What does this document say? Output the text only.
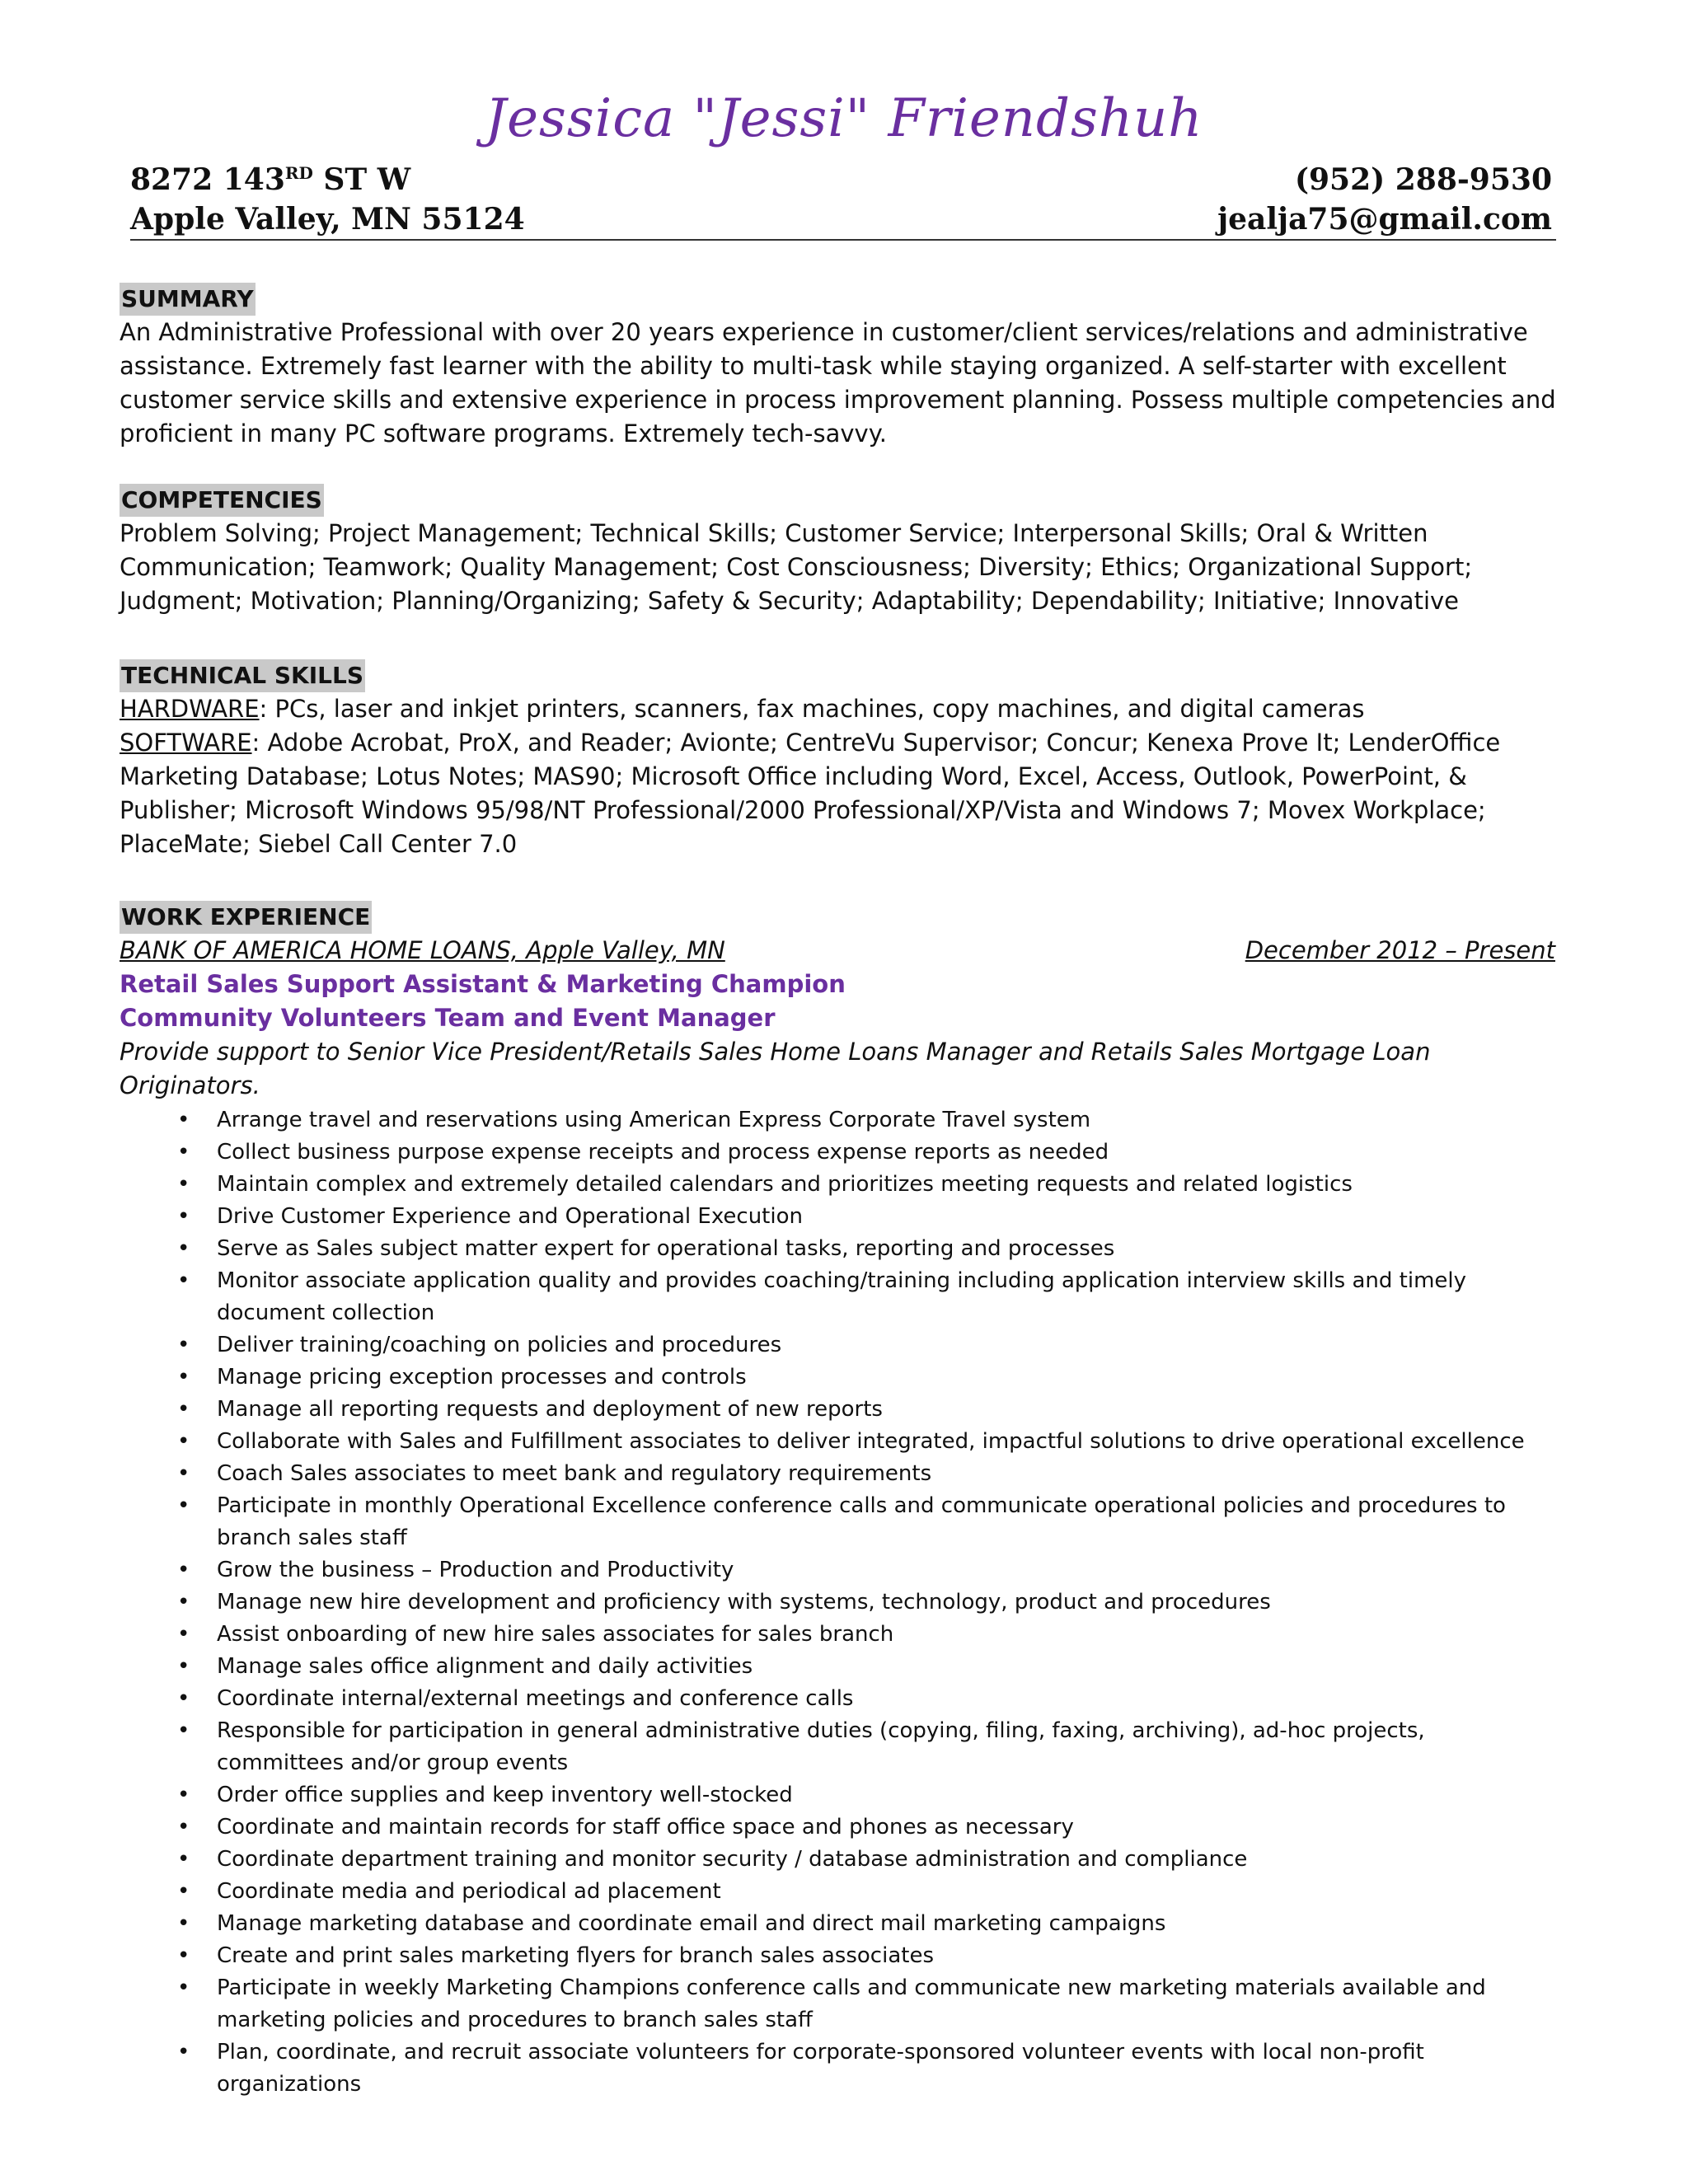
Jessica "Jessi" Friendshuh
8272 143RD ST W	(952) 288-9530
Apple Valley, MN 55124	jealja75@gmail.com
SUMMARY
An Administrative Professional with over 20 years experience in customer/client services/relations and administrative assistance. Extremely fast learner with the ability to multi-task while staying organized. A self-starter with excellent customer service skills and extensive experience in process improvement planning. Possess multiple competencies and proficient in many PC software programs. Extremely tech-savvy.
COMPETENCIES
Problem Solving; Project Management; Technical Skills; Customer Service; Interpersonal Skills; Oral & Written Communication; Teamwork; Quality Management; Cost Consciousness; Diversity; Ethics; Organizational Support; Judgment; Motivation; Planning/Organizing; Safety & Security; Adaptability; Dependability; Initiative; Innovative
TECHNICAL SKILLS
HARDWARE: PCs, laser and inkjet printers, scanners, fax machines, copy machines, and digital cameras
SOFTWARE: Adobe Acrobat, ProX, and Reader; Avionte; CentreVu Supervisor; Concur; Kenexa Prove It; LenderOffice Marketing Database; Lotus Notes; MAS90; Microsoft Office including Word, Excel, Access, Outlook, PowerPoint, & Publisher; Microsoft Windows 95/98/NT Professional/2000 Professional/XP/Vista and Windows 7; Movex Workplace; PlaceMate; Siebel Call Center 7.0
WORK EXPERIENCE
BANK OF AMERICA HOME LOANS, Apple Valley, MN	December 2012 – Present
Retail Sales Support Assistant & Marketing Champion
Community Volunteers Team and Event Manager
Provide support to Senior Vice President/Retails Sales Home Loans Manager and Retails Sales Mortgage Loan Originators.
• Arrange travel and reservations using American Express Corporate Travel system
• Collect business purpose expense receipts and process expense reports as needed
• Maintain complex and extremely detailed calendars and prioritizes meeting requests and related logistics
• Drive Customer Experience and Operational Execution
• Serve as Sales subject matter expert for operational tasks, reporting and processes
• Monitor associate application quality and provides coaching/training including application interview skills and timely document collection
• Deliver training/coaching on policies and procedures
• Manage pricing exception processes and controls
• Manage all reporting requests and deployment of new reports
• Collaborate with Sales and Fulfillment associates to deliver integrated, impactful solutions to drive operational excellence
• Coach Sales associates to meet bank and regulatory requirements
• Participate in monthly Operational Excellence conference calls and communicate operational policies and procedures to branch sales staff
• Grow the business – Production and Productivity
• Manage new hire development and proficiency with systems, technology, product and procedures
• Assist onboarding of new hire sales associates for sales branch
• Manage sales office alignment and daily activities
• Coordinate internal/external meetings and conference calls
• Responsible for participation in general administrative duties (copying, filing, faxing, archiving), ad-hoc projects, committees and/or group events
• Order office supplies and keep inventory well-stocked
• Coordinate and maintain records for staff office space and phones as necessary
• Coordinate department training and monitor security / database administration and compliance
• Coordinate media and periodical ad placement
• Manage marketing database and coordinate email and direct mail marketing campaigns
• Create and print sales marketing flyers for branch sales associates
• Participate in weekly Marketing Champions conference calls and communicate new marketing materials available and marketing policies and procedures to branch sales staff
• Plan, coordinate, and recruit associate volunteers for corporate-sponsored volunteer events with local non-profit organizations
